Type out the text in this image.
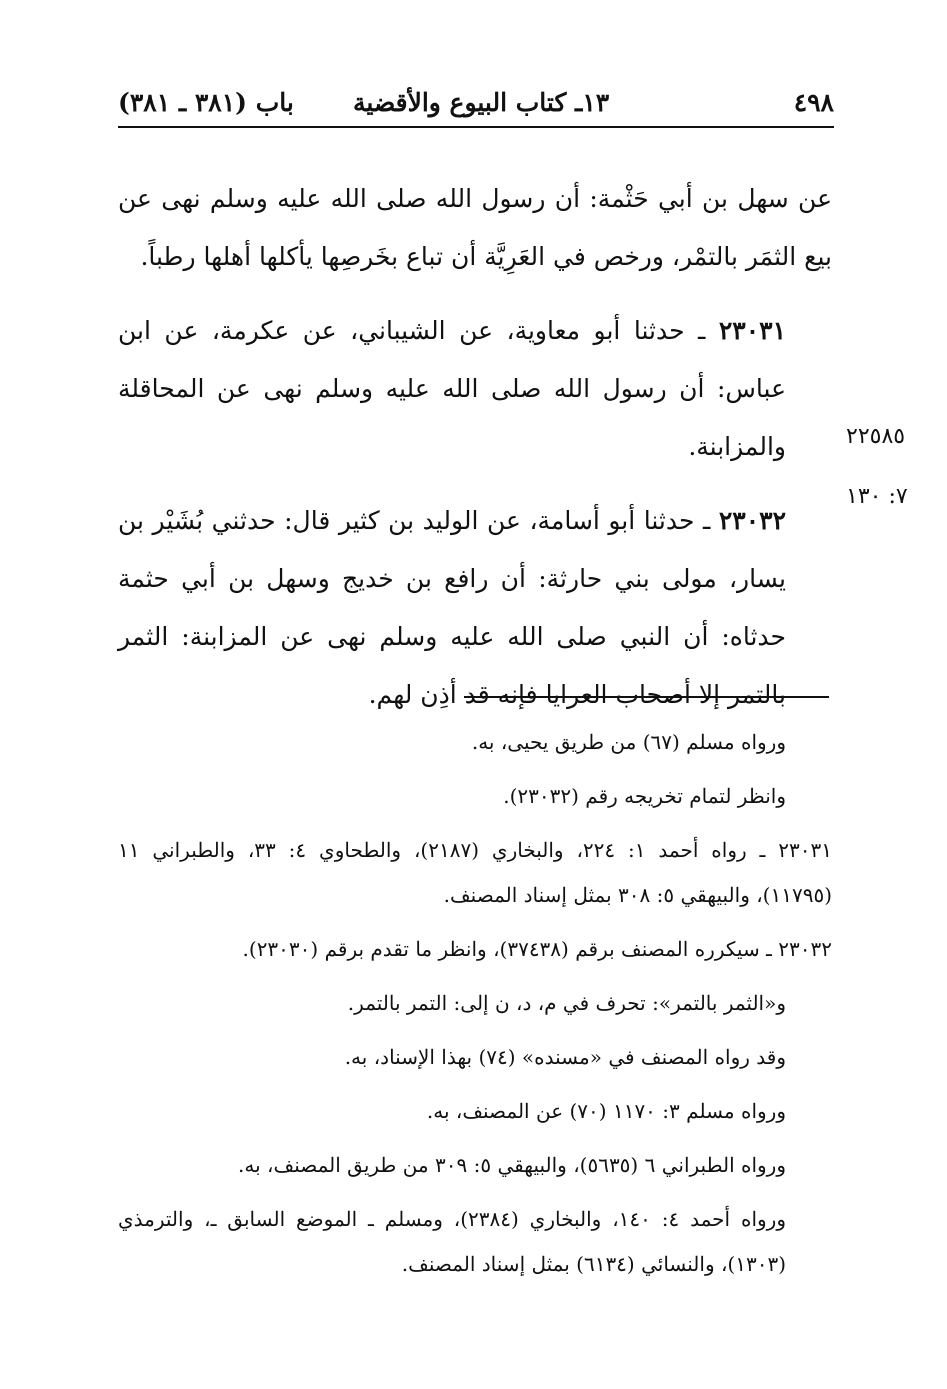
٤٩٨
١٣ـ كتاب البيوع والأقضية
باب (٣٨١ ـ ٣٨١)

عن سهل بن أبي حَثْمة: أن رسول الله صلى الله عليه وسلم نهى عن بيع الثمَر بالتمْر، ورخص في العَرِيَّة أن تباع بخَرصِها يأكلها أهلها رطباً.

٢٣٠٣١ ـ حدثنا أبو معاوية، عن الشيباني، عن عكرمة، عن ابن عباس: أن رسول الله صلى الله عليه وسلم نهى عن المحاقلة والمزابنة.

٢٣٠٣٢ ـ حدثنا أبو أسامة، عن الوليد بن كثير قال: حدثني بُشَيْر بن يسار، مولى بني حارثة: أن رافع بن خديج وسهل بن أبي حثمة حدثاه: أن النبي صلى الله عليه وسلم نهى عن المزابنة: الثمر بالتمر إلا أصحاب العرايا فإنه قد أذِن لهم.

٢٢٥٨٥
٧: ١٣٠

ورواه مسلم (٦٧) من طريق يحيى، به.

وانظر لتمام تخريجه رقم (٢٣٠٣٢).

٢٣٠٣١ ـ رواه أحمد ١: ٢٢٤، والبخاري (٢١٨٧)، والطحاوي ٤: ٣٣، والطبراني ١١ (١١٧٩٥)، والبيهقي ٥: ٣٠٨ بمثل إسناد المصنف.

٢٣٠٣٢ ـ سيكرره المصنف برقم (٣٧٤٣٨)، وانظر ما تقدم برقم (٢٣٠٣٠).

و«الثمر بالتمر»: تحرف في م، د، ن إلى: التمر بالتمر.

وقد رواه المصنف في «مسنده» (٧٤) بهذا الإسناد، به.

ورواه مسلم ٣: ١١٧٠ (٧٠) عن المصنف، به.

ورواه الطبراني ٦ (٥٦٣٥)، والبيهقي ٥: ٣٠٩ من طريق المصنف، به.

ورواه أحمد ٤: ١٤٠، والبخاري (٢٣٨٤)، ومسلم ـ الموضع السابق ـ، والترمذي (١٣٠٣)، والنسائي (٦١٣٤) بمثل إسناد المصنف.
